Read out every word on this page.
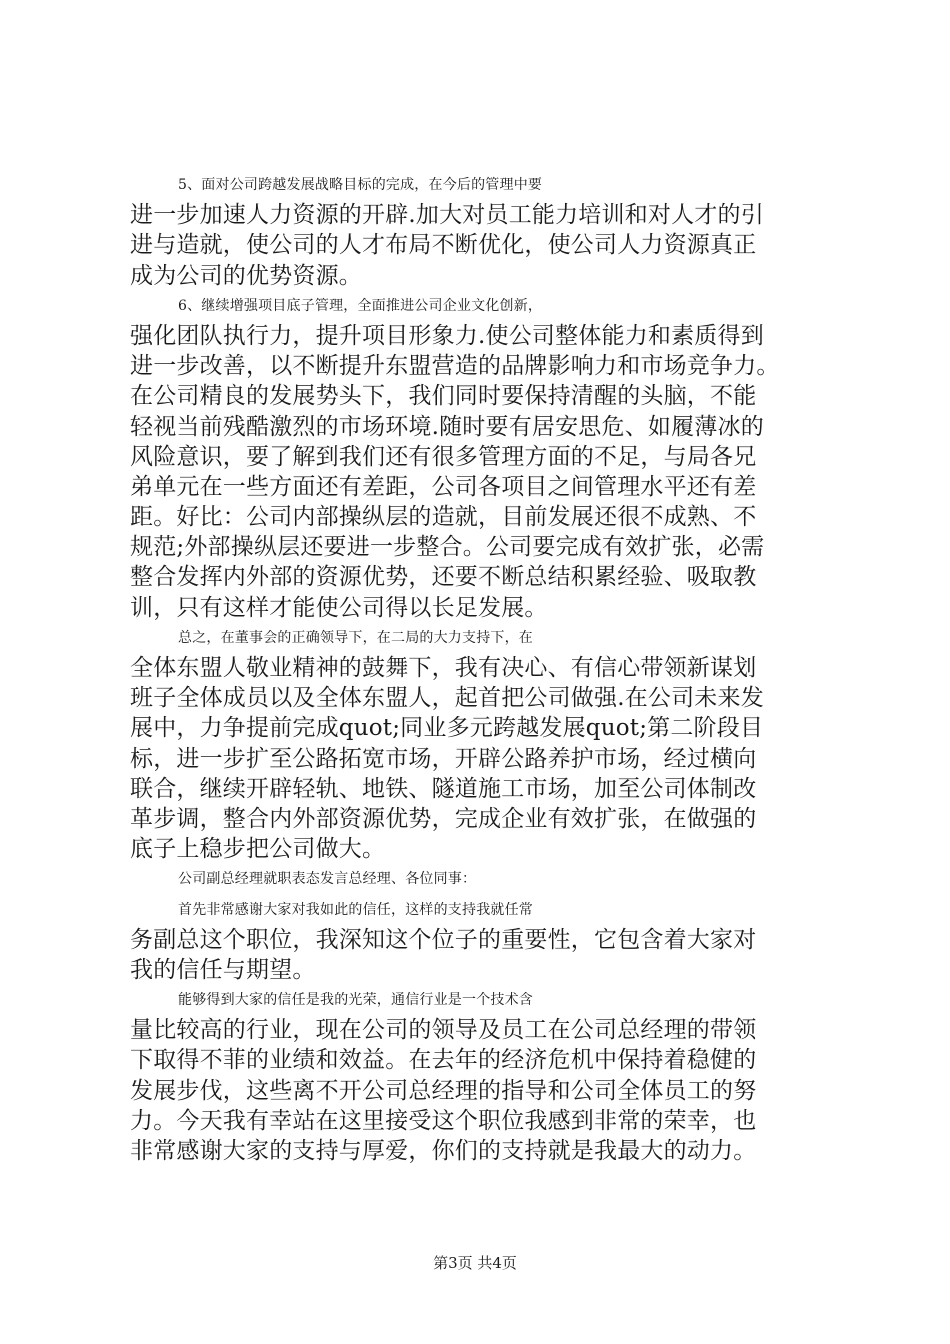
5、面对公司跨越发展战略目标的完成，在今后的管理中要
进一步加速人力资源的开辟.加大对员工能力培训和对人才的引
进与造就，使公司的人才布局不断优化，使公司人力资源真正
成为公司的优势资源。
6、继续增强项目底子管理，全面推进公司企业文化创新，
强化团队执行力，提升项目形象力.使公司整体能力和素质得到
进一步改善，以不断提升东盟营造的品牌影响力和市场竞争力。
在公司精良的发展势头下，我们同时要保持清醒的头脑，不能
轻视当前残酷激烈的市场环境.随时要有居安思危、如履薄冰的
风险意识，要了解到我们还有很多管理方面的不足，与局各兄
弟单元在一些方面还有差距，公司各项目之间管理水平还有差
距。好比：公司内部操纵层的造就，目前发展还很不成熟、不
规范;外部操纵层还要进一步整合。公司要完成有效扩张，必需
整合发挥内外部的资源优势，还要不断总结积累经验、吸取教
训，只有这样才能使公司得以长足发展。
总之，在董事会的正确领导下，在二局的大力支持下，在
全体东盟人敬业精神的鼓舞下，我有决心、有信心带领新谋划
班子全体成员以及全体东盟人，起首把公司做强.在公司未来发
展中，力争提前完成quot;同业多元跨越发展quot;第二阶段目
标，进一步扩至公路拓宽市场，开辟公路养护市场，经过横向
联合，继续开辟轻轨、地铁、隧道施工市场，加至公司体制改
革步调，整合内外部资源优势，完成企业有效扩张，在做强的
底子上稳步把公司做大。
公司副总经理就职表态发言总经理、各位同事：
首先非常感谢大家对我如此的信任，这样的支持我就任常
务副总这个职位，我深知这个位子的重要性，它包含着大家对
我的信任与期望。
能够得到大家的信任是我的光荣，通信行业是一个技术含
量比较高的行业，现在公司的领导及员工在公司总经理的带领
下取得不菲的业绩和效益。在去年的经济危机中保持着稳健的
发展步伐，这些离不开公司总经理的指导和公司全体员工的努
力。今天我有幸站在这里接受这个职位我感到非常的荣幸，也
非常感谢大家的支持与厚爱，你们的支持就是我最大的动力。
第3页 共4页
